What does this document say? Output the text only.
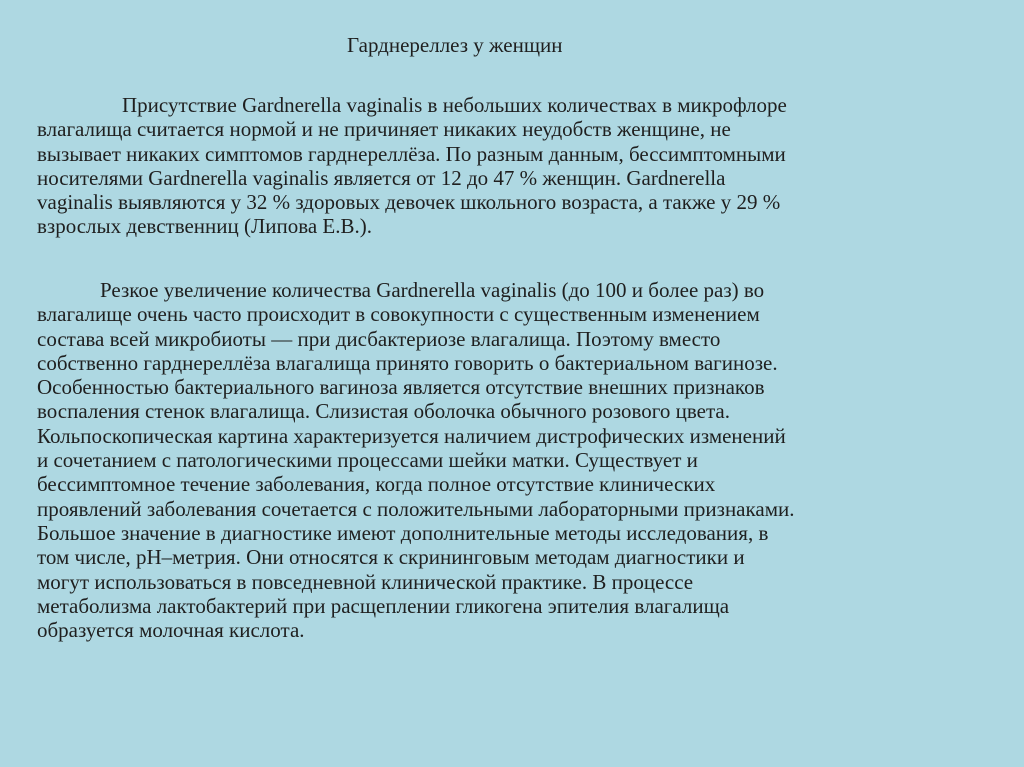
Гарднереллез у женщин
Присутствие Gardnerella vaginalis в небольших количествах в микрофлоре
влагалища считается нормой и не причиняет никаких неудобств женщине, не
вызывает никаких симптомов гарднереллёза. По разным данным, бессимптомными
носителями Gardnerella vaginalis является от 12 до 47 % женщин. Gardnerella
vaginalis выявляются у 32 % здоровых девочек школьного возраста, а также у 29 %
взрослых девственниц (Липова Е.В.).
Резкое увеличение количества Gardnerella vaginalis (до 100 и более раз) во
влагалище очень часто происходит в совокупности с существенным изменением
состава всей микробиоты — при дисбактериозе влагалища. Поэтому вместо
собственно гарднереллёза влагалища принято говорить о бактериальном вагинозе.
Особенностью бактериального вагиноза является отсутствие внешних признаков
воспаления стенок влагалища. Слизистая оболочка обычного розового цвета.
Кольпоскопическая картина характеризуется наличием дистрофических изменений
и сочетанием с патологическими процессами шейки матки. Существует и
бессимптомное течение заболевания, когда полное отсутствие клинических
проявлений заболевания сочетается с положительными лабораторными признаками.
Большое значение в диагностике имеют дополнительные методы исследования, в
том числе, pH–метрия. Они относятся к скрининговым методам диагностики и
могут использоваться в повседневной клинической практике. В процессе
метаболизма лактобактерий при расщеплении гликогена эпителия влагалища
образуется молочная кислота.
